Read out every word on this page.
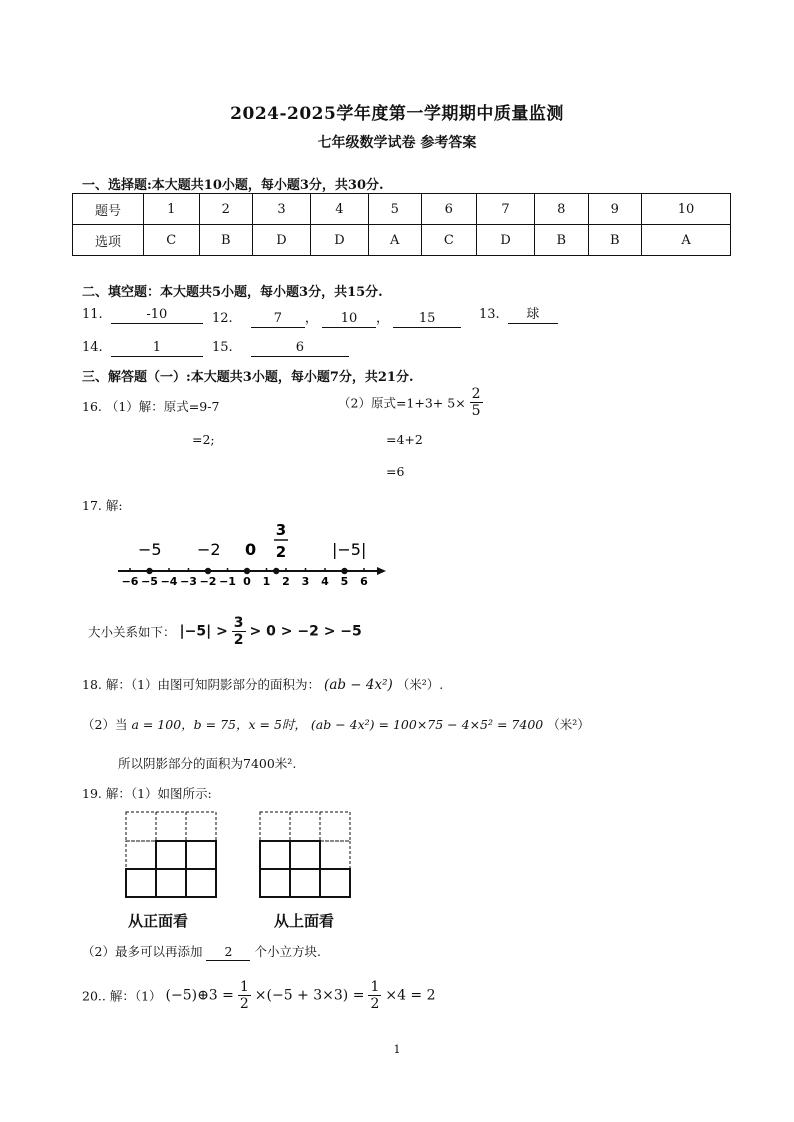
2024-2025学年度第一学期期中质量监测
七年级数学试卷 参考答案
一、选择题:本大题共10小题，每小题3分，共30分.
题号	1	2	3	4	5	6	7	8	9	10
选项	C	B	D	D	A	C	D	B	B	A
二、填空题：本大题共5小题，每小题3分，共15分.
11.	-10	12.	7 ， 10 ， 15	13. 球
14.	1	15.	6
三、解答题（一）:本大题共3小题，每小题7分，共21分.
16. （1）解：原式=9-7
=2;
（2）原式$=1+3+ 5\times \frac{2}{5}$
=4+2
=6
17. 解:
−5 −2 0
3
2	|−5|
−6 −5 −4 −3 −2 −1 0 1 2 3 4 5 6
大小关系如下： $|-5| > \frac{3}{2} > 0 > -2 > -5$
18. 解：（1）由图可知阴影部分的面积为： (ab − 4x²) （米²）.
（2）当 a = 100，b = 75，x = 5时， (ab − 4x²) = 100×75 − 4×5² = 7400 （米²）
所以阴影部分的面积为7400米².
19. 解：（1）如图所示:
从正面看	从上面看
（2）最多可以再添加 2 个小立方块.
20.. 解：（1） (−5)⊕3 = $\frac{1}{2} \times(-5 + 3\times 3) = \frac{1}{2} \times 4 = 2$
1
